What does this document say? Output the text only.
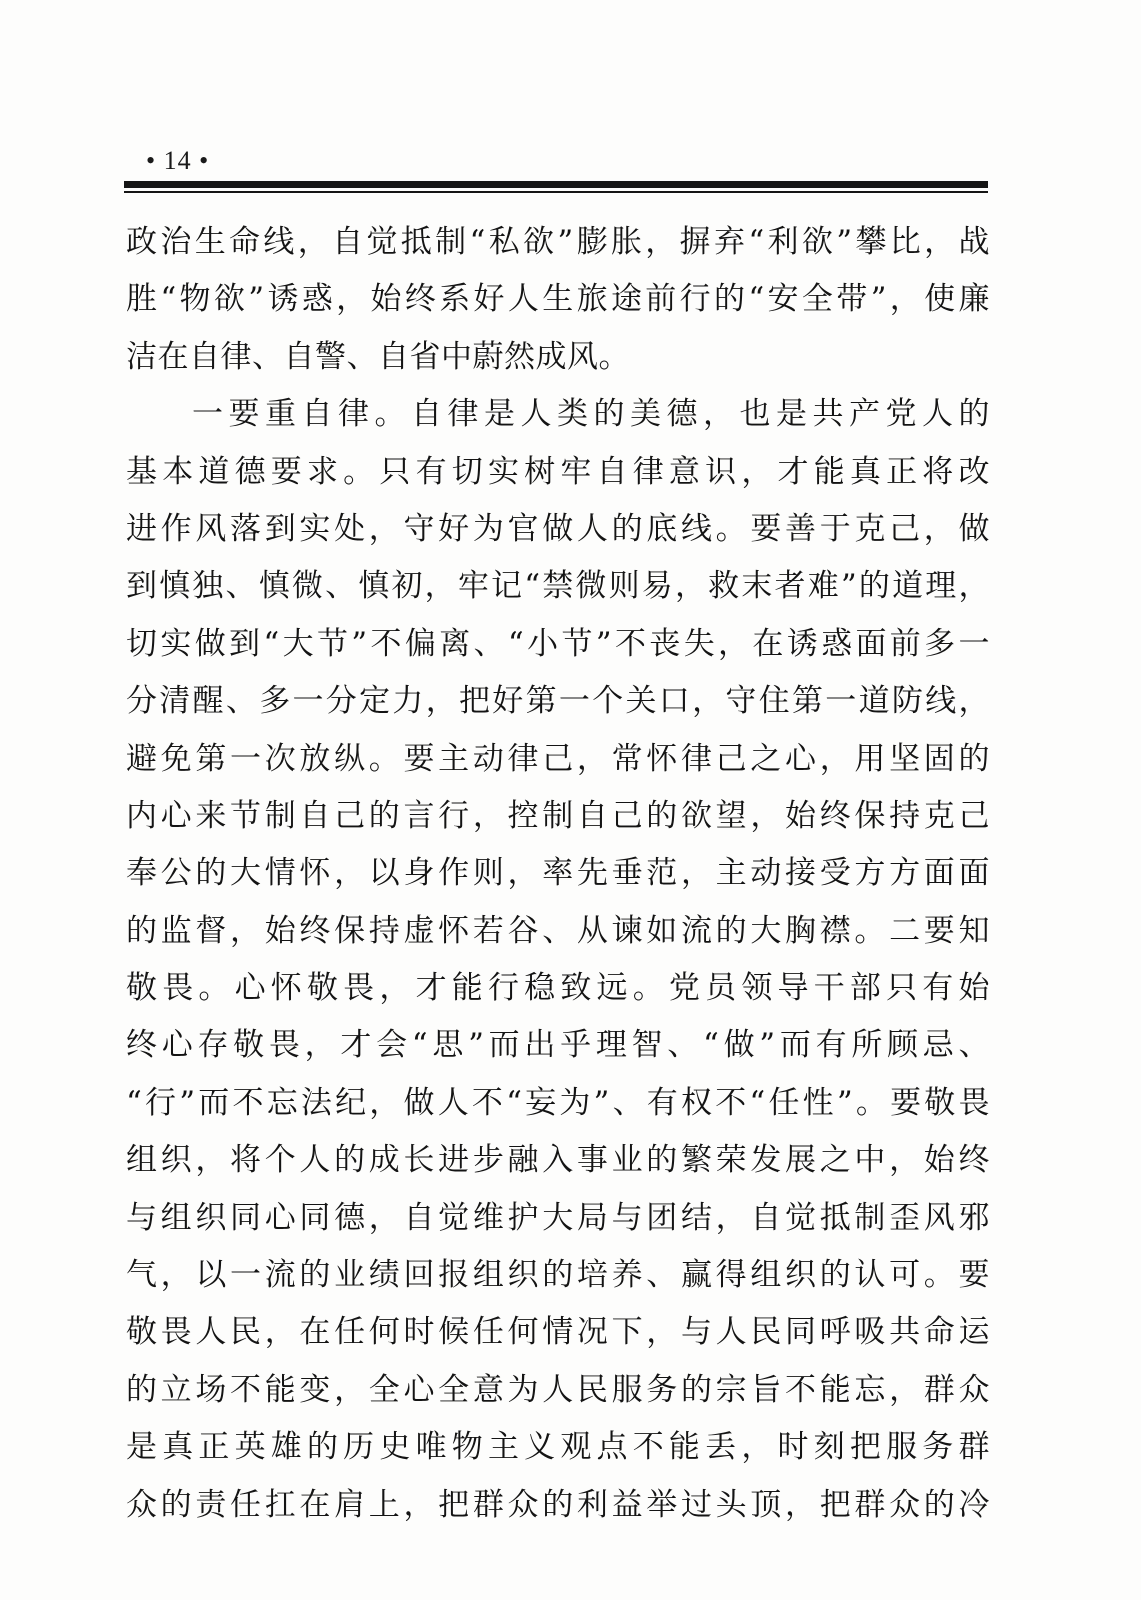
• 14 •
政治生命线，自觉抵制“私欲”膨胀，摒弃“利欲”攀比，战
胜“物欲”诱惑，始终系好人生旅途前行的“安全带”，使廉
洁在自律、自警、自省中蔚然成风。
一要重自律。自律是人类的美德，也是共产党人的
基本道德要求。只有切实树牢自律意识，才能真正将改
进作风落到实处，守好为官做人的底线。要善于克己，做
到慎独、慎微、慎初，牢记“禁微则易，救末者难”的道理，
切实做到“大节”不偏离、“小节”不丧失，在诱惑面前多一
分清醒、多一分定力，把好第一个关口，守住第一道防线，
避免第一次放纵。要主动律己，常怀律己之心，用坚固的
内心来节制自己的言行，控制自己的欲望，始终保持克己
奉公的大情怀，以身作则，率先垂范，主动接受方方面面
的监督，始终保持虚怀若谷、从谏如流的大胸襟。二要知
敬畏。心怀敬畏，才能行稳致远。党员领导干部只有始
终心存敬畏，才会“思”而出乎理智、“做”而有所顾忌、
“行”而不忘法纪，做人不“妄为”、有权不“任性”。要敬畏
组织，将个人的成长进步融入事业的繁荣发展之中，始终
与组织同心同德，自觉维护大局与团结，自觉抵制歪风邪
气，以一流的业绩回报组织的培养、赢得组织的认可。要
敬畏人民，在任何时候任何情况下，与人民同呼吸共命运
的立场不能变，全心全意为人民服务的宗旨不能忘，群众
是真正英雄的历史唯物主义观点不能丢，时刻把服务群
众的责任扛在肩上，把群众的利益举过头顶，把群众的冷
